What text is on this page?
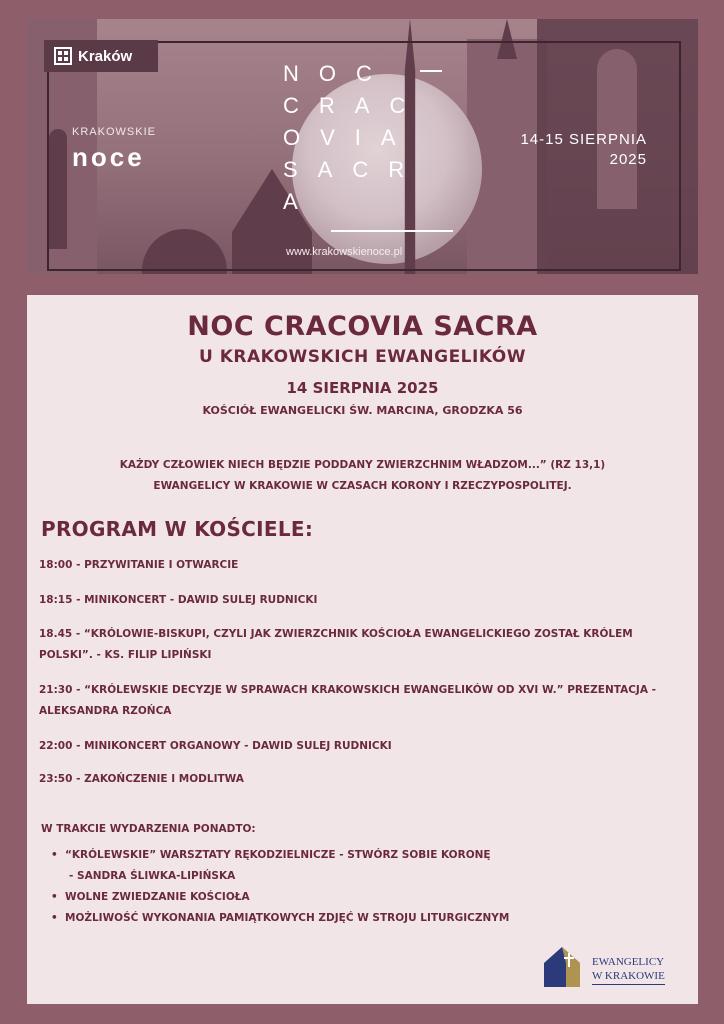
Kraków
KRAKOWSKIE
noce
NOC
CRAC
OVIA
SACR
A
14-15 SIERPNIA
2025
www.krakowskienoce.pl
NOC CRACOVIA SACRA
U KRAKOWSKICH EWANGELIKÓW
14 SIERPNIA 2025
KOŚCIÓŁ EWANGELICKI ŚW. MARCINA, GRODZKA 56
KAŻDY CZŁOWIEK NIECH BĘDZIE PODDANY ZWIERZCHNIM WŁADZOM...” (RZ 13,1)
EWANGELICY W KRAKOWIE W CZASACH KORONY I RZECZYPOSPOLITEJ.
PROGRAM W KOŚCIELE:
18:00 - PRZYWITANIE I OTWARCIE
18:15 - MINIKONCERT - DAWID SULEJ RUDNICKI
18.45 - “KRÓLOWIE-BISKUPI, CZYLI JAK ZWIERZCHNIK KOŚCIOŁA EWANGELICKIEGO ZOSTAŁ KRÓLEM POLSKI”. - KS. FILIP LIPIŃSKI
21:30 - “KRÓLEWSKIE DECYZJE W SPRAWACH KRAKOWSKICH EWANGELIKÓW OD XVI W.” PREZENTACJA - ALEKSANDRA RZOŃCA
22:00 - MINIKONCERT ORGANOWY - DAWID SULEJ RUDNICKI
23:50 - ZAKOŃCZENIE I MODLITWA
W TRAKCIE WYDARZENIA PONADTO:
• “KRÓLEWSKIE” WARSZTATY RĘKODZIELNICZE - STWÓRZ SOBIE KORONĘ
- SANDRA ŚLIWKA-LIPIŃSKA
• WOLNE ZWIEDZANIE KOŚCIOŁA
• MOŻLIWOŚĆ WYKONANIA PAMIĄTKOWYCH ZDJĘĆ W STROJU LITURGICZNYM
EWANGELICY
W KRAKOWIE
